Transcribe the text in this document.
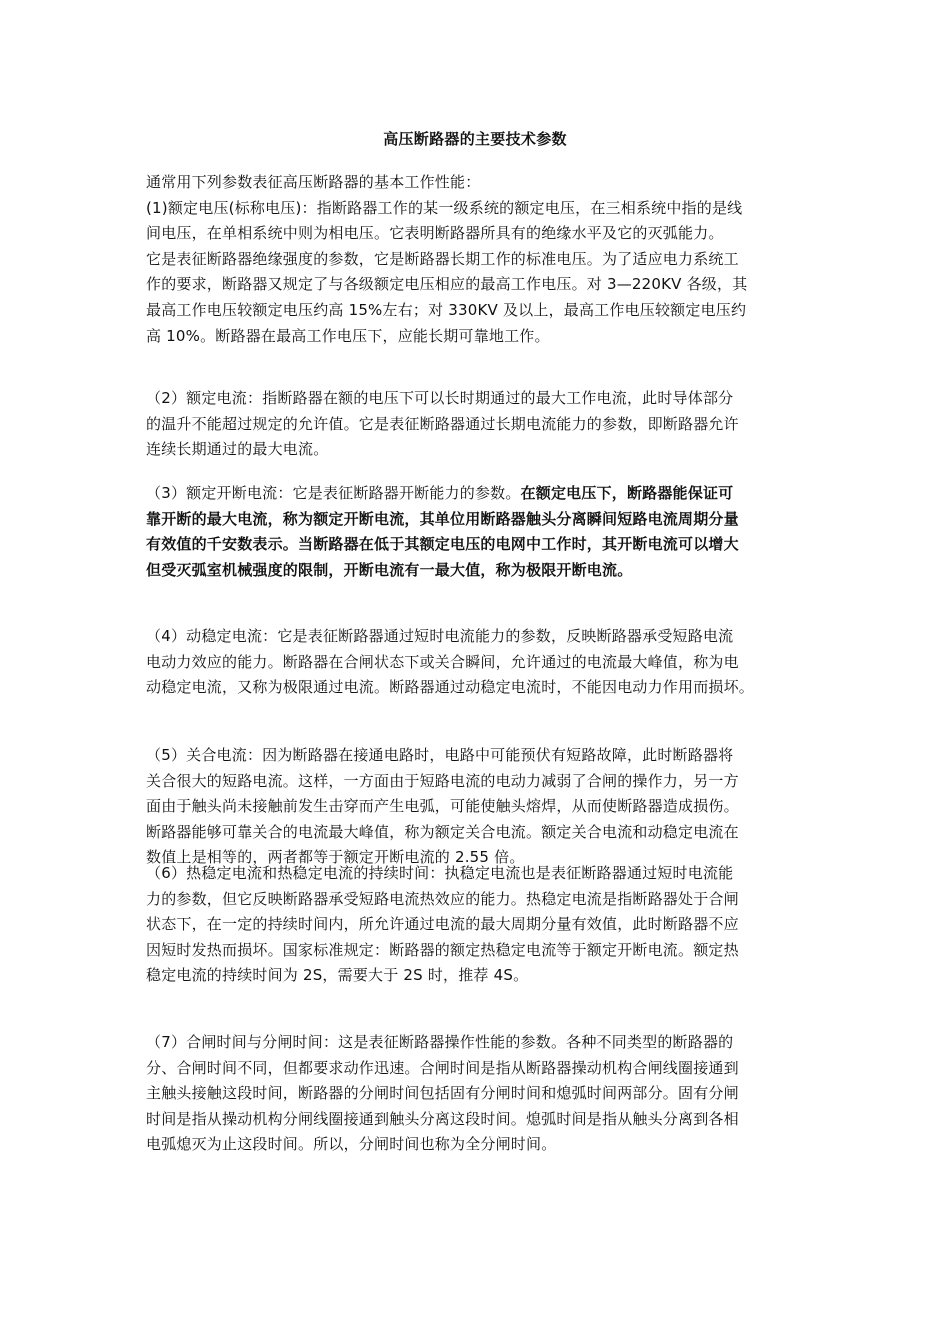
高压断路器的主要技术参数

通常用下列参数表征高压断路器的基本工作性能：

(1)额定电压(标称电压)：指断路器工作的某一级系统的额定电压，在三相系统中指的是线

间电压，在单相系统中则为相电压。它表明断路器所具有的绝缘水平及它的灭弧能力。

它是表征断路器绝缘强度的参数，它是断路器长期工作的标准电压。为了适应电力系统工

作的要求，断路器又规定了与各级额定电压相应的最高工作电压。对 3—220KV 各级，其

最高工作电压较额定电压约高 15%左右；对 330KV 及以上，最高工作电压较额定电压约

高 10%。断路器在最高工作电压下，应能长期可靠地工作。

（2）额定电流：指断路器在额的电压下可以长时期通过的最大工作电流，此时导体部分

的温升不能超过规定的允许值。它是表征断路器通过长期电流能力的参数，即断路器允许

连续长期通过的最大电流。

（3）额定开断电流：它是表征断路器开断能力的参数。在额定电压下，断路器能保证可

靠开断的最大电流，称为额定开断电流，其单位用断路器触头分离瞬间短路电流周期分量

有效值的千安数表示。当断路器在低于其额定电压的电网中工作时，其开断电流可以增大

但受灭弧室机械强度的限制，开断电流有一最大值，称为极限开断电流。

（4）动稳定电流：它是表征断路器通过短时电流能力的参数，反映断路器承受短路电流

电动力效应的能力。断路器在合闸状态下或关合瞬间，允许通过的电流最大峰值，称为电

动稳定电流，又称为极限通过电流。断路器通过动稳定电流时，不能因电动力作用而损坏。

（5）关合电流：因为断路器在接通电路时，电路中可能预伏有短路故障，此时断路器将

关合很大的短路电流。这样，一方面由于短路电流的电动力减弱了合闸的操作力，另一方

面由于触头尚未接触前发生击穿而产生电弧，可能使触头熔焊，从而使断路器造成损伤。

断路器能够可靠关合的电流最大峰值，称为额定关合电流。额定关合电流和动稳定电流在

数值上是相等的，两者都等于额定开断电流的 2.55 倍。

（6）热稳定电流和热稳定电流的持续时间：执稳定电流也是表征断路器通过短时电流能

力的参数，但它反映断路器承受短路电流热效应的能力。热稳定电流是指断路器处于合闸

状态下，在一定的持续时间内，所允许通过电流的最大周期分量有效值，此时断路器不应

因短时发热而损坏。国家标准规定：断路器的额定热稳定电流等于额定开断电流。额定热

稳定电流的持续时间为 2S，需要大于 2S 时，推荐 4S。

（7）合闸时间与分闸时间：这是表征断路器操作性能的参数。各种不同类型的断路器的

分、合闸时间不同，但都要求动作迅速。合闸时间是指从断路器操动机构合闸线圈接通到

主触头接触这段时间，断路器的分闸时间包括固有分闸时间和熄弧时间两部分。固有分闸

时间是指从操动机构分闸线圈接通到触头分离这段时间。熄弧时间是指从触头分离到各相

电弧熄灭为止这段时间。所以，分闸时间也称为全分闸时间。
